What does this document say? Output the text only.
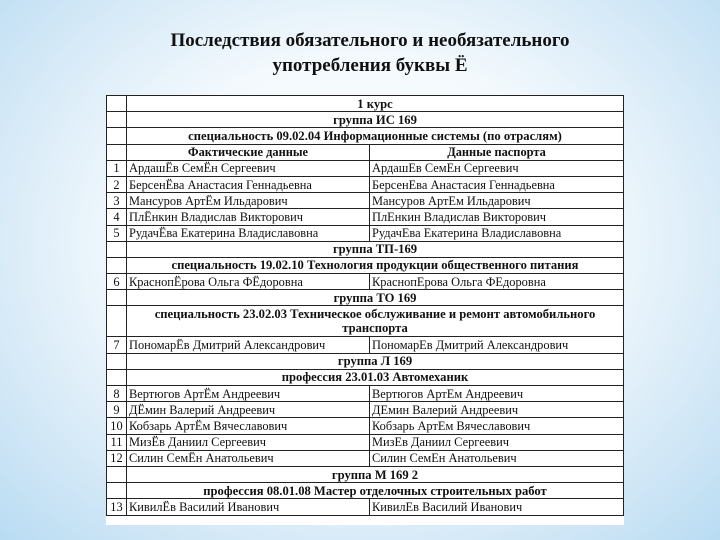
Последствия обязательного и необязательного
употребления буквы Ё
	1 курс	
	группа ИС 169	
	специальность 09.02.04 Информационные системы (по отраслям)	
	Фактические данные	Данные паспорта
1	АрдашЁв СемЁн Сергеевич	АрдашЕв СемЕн Сергеевич
2	БерсенЁва Анастасия Геннадьевна	БерсенЕва Анастасия Геннадьевна
3	Мансуров АртЁм Ильдарович	Мансуров АртЕм Ильдарович
4	ПлЁнкин Владислав Викторович	ПлЕнкин Владислав Викторович
5	РудачЁва Екатерина Владиславовна	РудачЕва Екатерина Владиславовна
	группа ТП-169	
	специальность 19.02.10 Технология продукции общественного питания	
6	КраснопЁрова Ольга ФЁдоровна	КраснопЕрова Ольга ФЕдоровна
	группа ТО 169	
	специальность 23.02.03 Техническое обслуживание и ремонт автомобильного транспорта	
7	ПономарЁв Дмитрий Александрович	ПономарЕв Дмитрий Александрович
	группа Л 169	
	профессия 23.01.03 Автомеханик	
8	Вертюгов АртЁм Андреевич	Вертюгов АртЕм Андреевич
9	ДЁмин Валерий Андреевич	ДЕмин Валерий Андреевич
10	Кобзарь АртЁм Вячеславович	Кобзарь АртЕм Вячеславович
11	МизЁв Даниил Сергеевич	МизЕв Даниил Сергеевич
12	Силин СемЁн Анатольевич	Силин СемЕн Анатольевич
	группа М 169 2	
	профессия 08.01.08 Мастер отделочных строительных работ	
13	КивилЁв Василий Иванович	КивилЕв Василий Иванович
